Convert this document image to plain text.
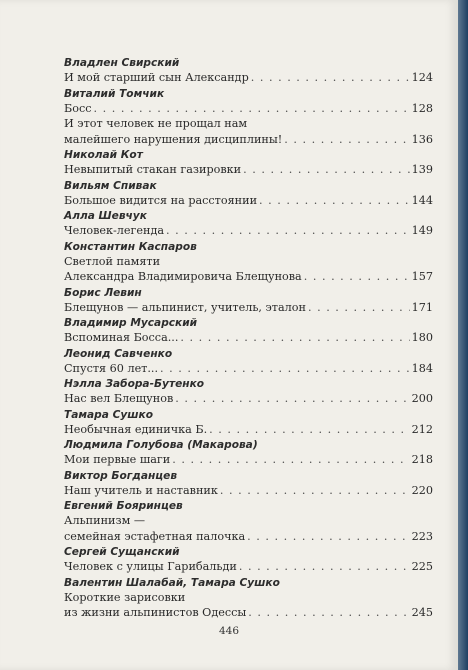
Владлен Свирский
И мой старший сын Александр . . .	124
Виталий Томчик
Босс . . .	128
И этот человек не прощал нам
малейшего нарушения дисциплины! . . .	136
Николай Кот
Невыпитый стакан газировки . . .	139
Вильям Спивак
Большое видится на расстоянии . . .	144
Алла Шевчук
Человек-легенда . . .	149
Константин Каспаров
Светлой памяти
Александра Владимировича Блещунова . . .	157
Борис Левин
Блещунов — альпинист, учитель, эталон . . .	171
Владимир Мусарский
Вспоминая Босса... . . .	180
Леонид Савченко
Спустя 60 лет... . . .	184
Нэлла Забора-Бутенко
Нас вел Блещунов . . .	200
Тамара Сушко
Необычная единичка Б. . . .	212
Людмила Голубова (Макарова)
Мои первые шаги . . .	218
Виктор Богданцев
Наш учитель и наставник . . .	220
Евгений Бояринцев
Альпинизм —
семейная эстафетная палочка . . .	223
Сергей Сущанский
Человек с улицы Гарибальди . . .	225
Валентин Шалабай, Тамара Сушко
Короткие зарисовки
из жизни альпинистов Одессы . . .	245
446
